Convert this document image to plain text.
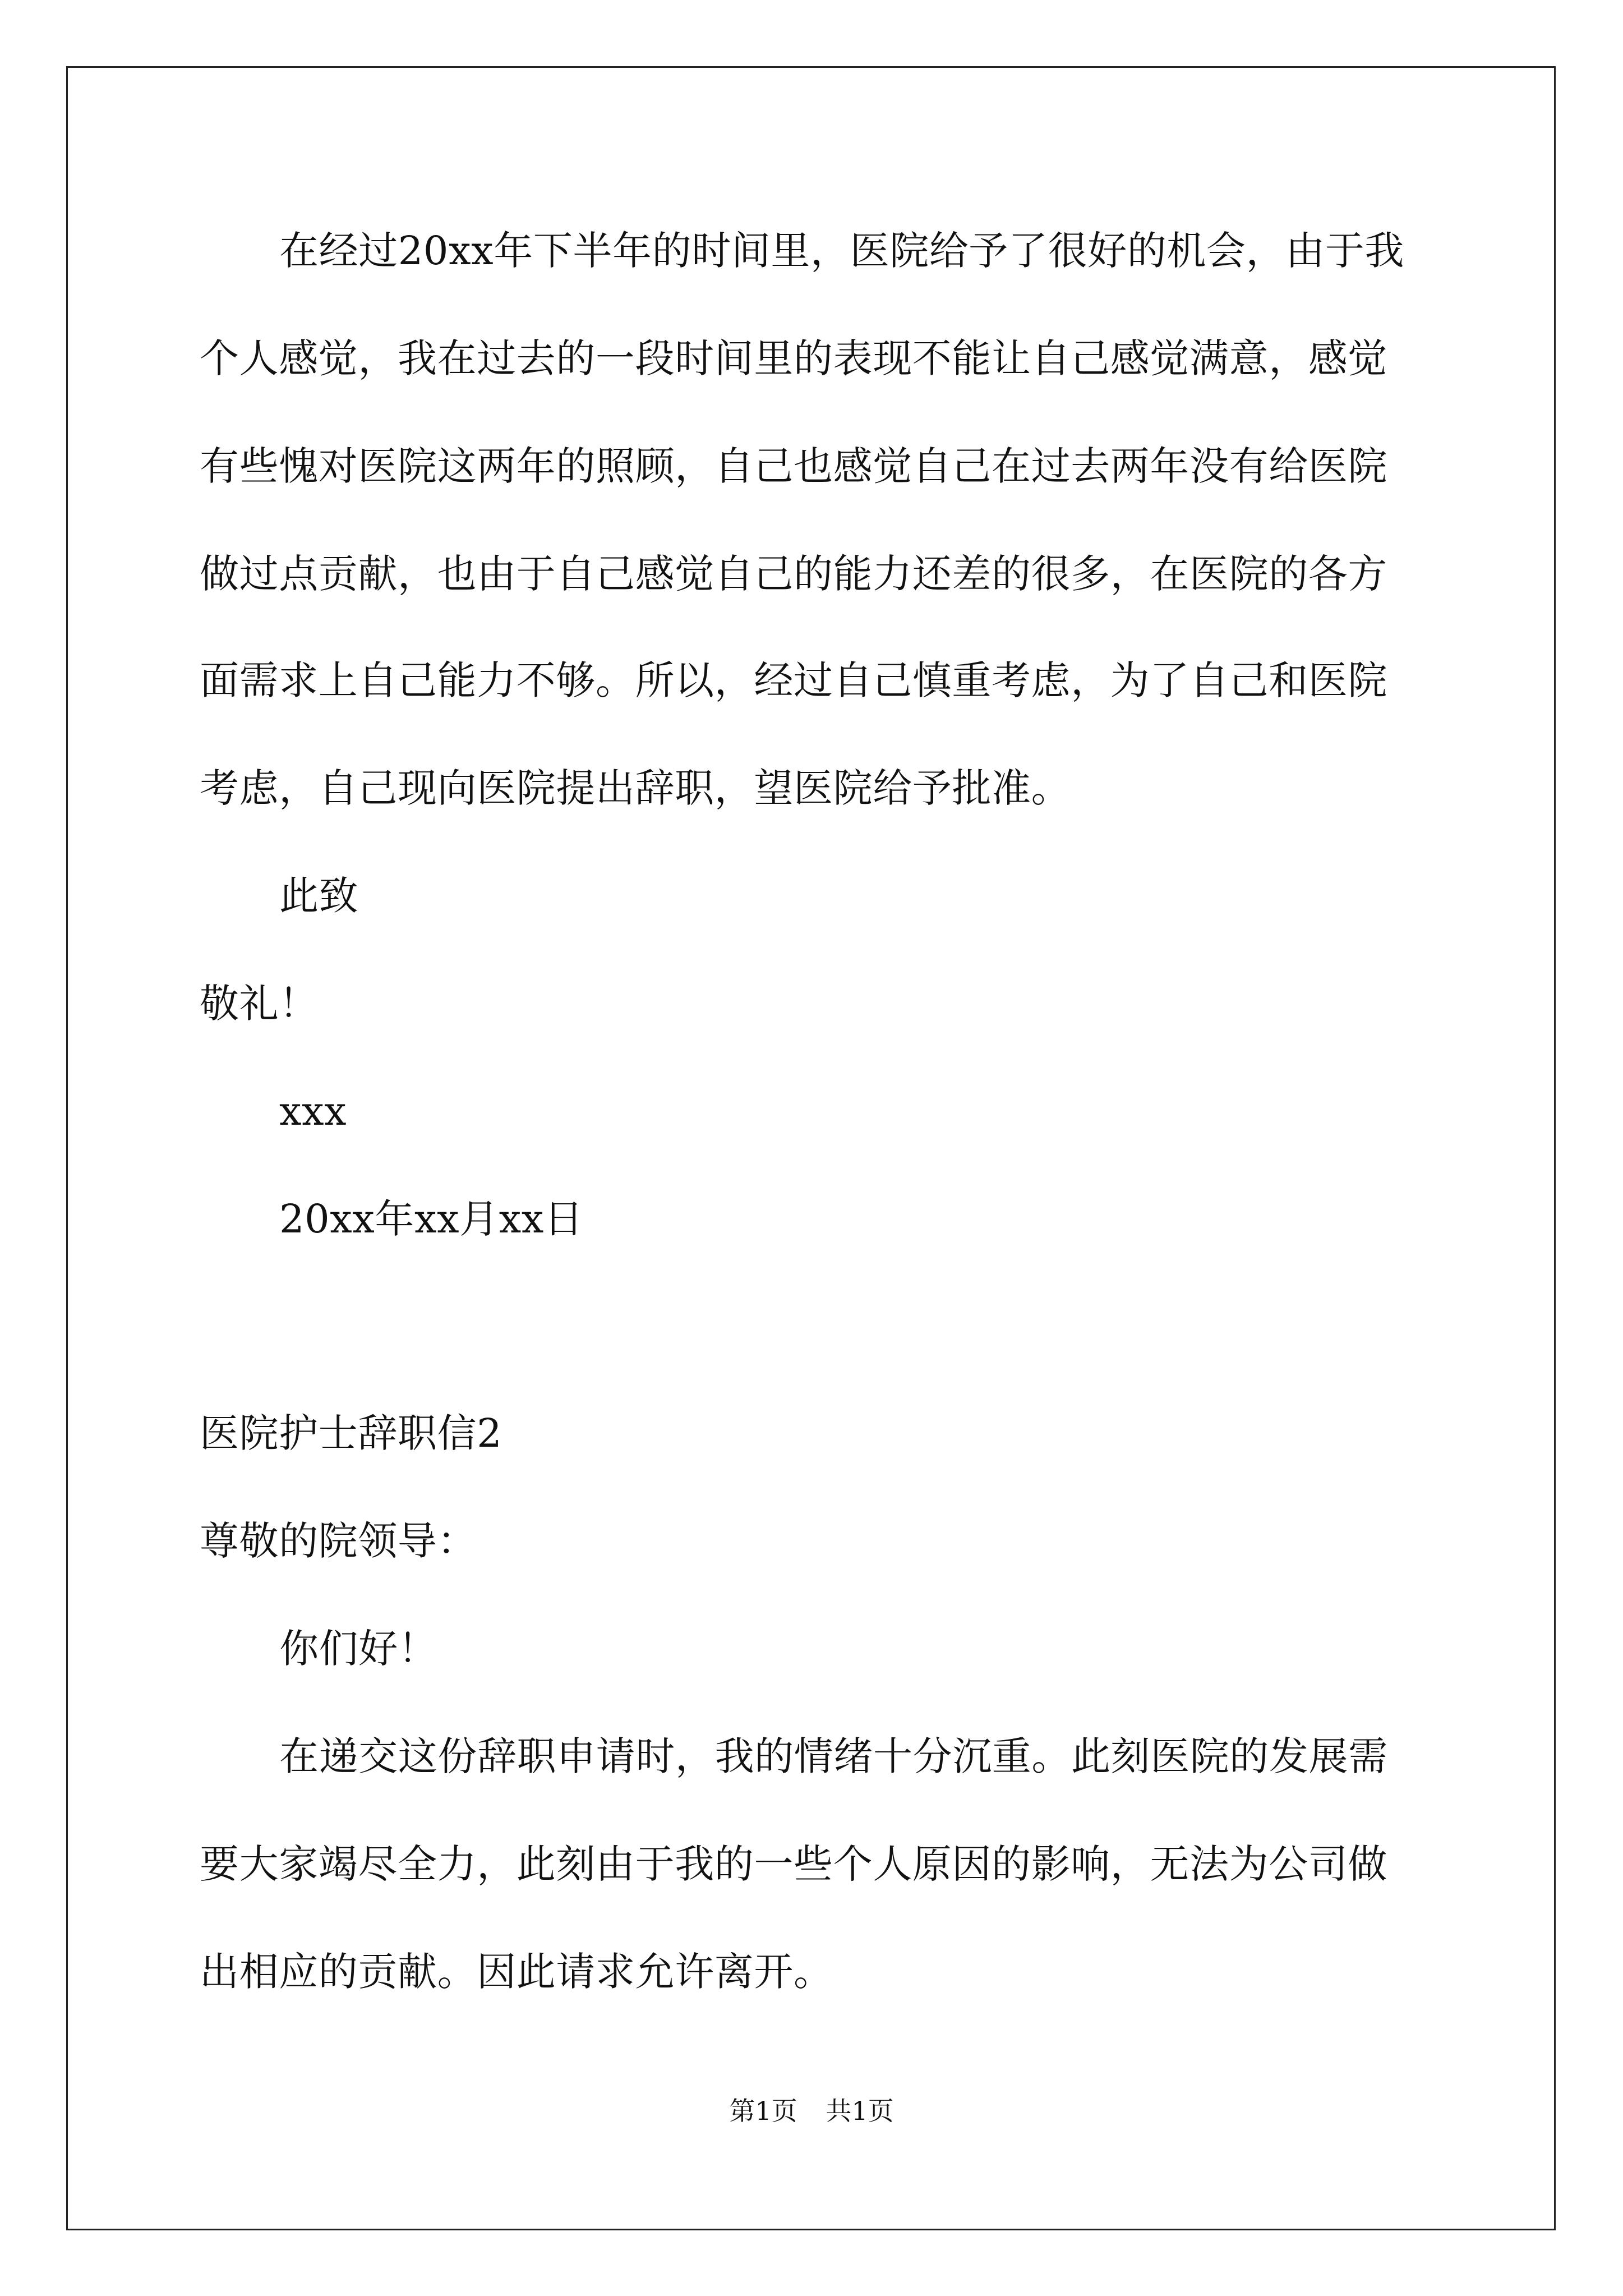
在经过20xx年下半年的时间里，医院给予了很好的机会，由于我
个人感觉，我在过去的一段时间里的表现不能让自己感觉满意，感觉
有些愧对医院这两年的照顾，自己也感觉自己在过去两年没有给医院
做过点贡献，也由于自己感觉自己的能力还差的很多，在医院的各方
面需求上自己能力不够。所以，经过自己慎重考虑，为了自己和医院
考虑，自己现向医院提出辞职，望医院给予批准。
此致
敬礼！
xxx
20xx年xx月xx日
医院护士辞职信2
尊敬的院领导：
你们好！
在递交这份辞职申请时，我的情绪十分沉重。此刻医院的发展需
要大家竭尽全力，此刻由于我的一些个人原因的影响，无法为公司做
出相应的贡献。因此请求允许离开。
第1页 共1页
